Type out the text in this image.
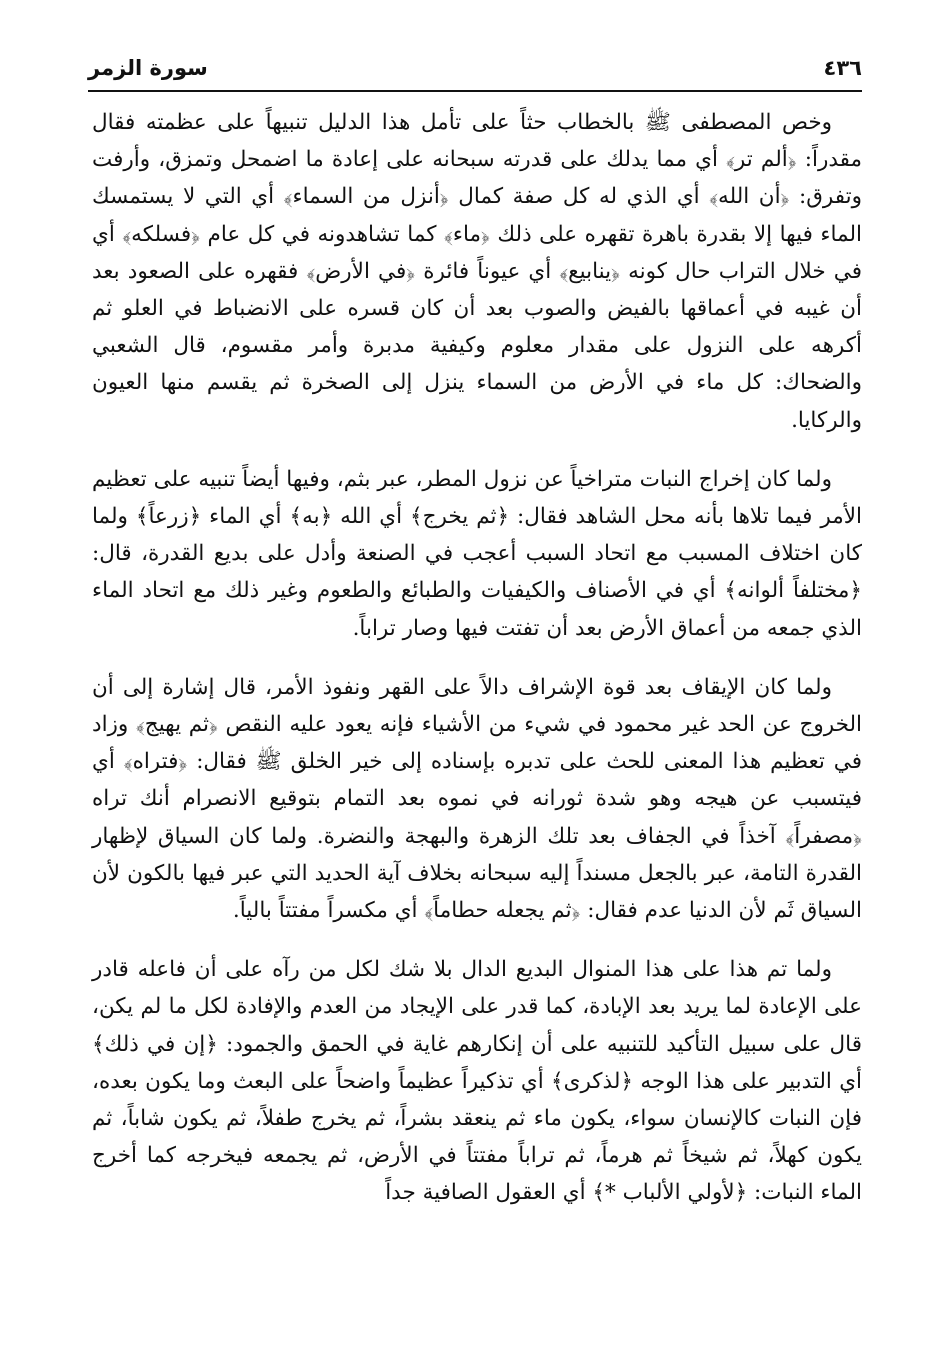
٤٣٦
سورة الزمر

وخص المصطفى ﷺ بالخطاب حثاً على تأمل هذا الدليل تنبيهاً على عظمته فقال مقدراً: ﴿ألم تر﴾ أي مما يدلك على قدرته سبحانه على إعادة ما اضمحل وتمزق، وأرفت وتفرق: ﴿أن الله﴾ أي الذي له كل صفة كمال ﴿أنزل من السماء﴾ أي التي لا يستمسك الماء فيها إلا بقدرة باهرة تقهره على ذلك ﴿ماء﴾ كما تشاهدونه في كل عام ﴿فسلكه﴾ أي في خلال التراب حال كونه ﴿ينابيع﴾ أي عيوناً فائرة ﴿في الأرض﴾ فقهره على الصعود بعد أن غيبه في أعماقها بالفيض والصوب بعد أن كان قسره على الانضباط في العلو ثم أكرهه على النزول على مقدار معلوم وكيفية مدبرة وأمر مقسوم، قال الشعبي والضحاك: كل ماء في الأرض من السماء ينزل إلى الصخرة ثم يقسم منها العيون والركايا.

ولما كان إخراج النبات متراخياً عن نزول المطر، عبر بثم، وفيها أيضاً تنبيه على تعظيم الأمر فيما تلاها بأنه محل الشاهد فقال: ﴿ثم يخرج﴾ أي الله ﴿به﴾ أي الماء ﴿زرعاً﴾ ولما كان اختلاف المسبب مع اتحاد السبب أعجب في الصنعة وأدل على بديع القدرة، قال: ﴿مختلفاً ألوانه﴾ أي في الأصناف والكيفيات والطبائع والطعوم وغير ذلك مع اتحاد الماء الذي جمعه من أعماق الأرض بعد أن تفتت فيها وصار تراباً.

ولما كان الإيقاف بعد قوة الإشراف دالاً على القهر ونفوذ الأمر، قال إشارة إلى أن الخروج عن الحد غير محمود في شيء من الأشياء فإنه يعود عليه النقص ﴿ثم يهيج﴾ وزاد في تعظيم هذا المعنى للحث على تدبره بإسناده إلى خير الخلق ﷺ فقال: ﴿فتراه﴾ أي فيتسبب عن هيجه وهو شدة ثورانه في نموه بعد التمام بتوقيع الانصرام أنك تراه ﴿مصفراً﴾ آخذاً في الجفاف بعد تلك الزهرة والبهجة والنضرة. ولما كان السياق لإظهار القدرة التامة، عبر بالجعل مسنداً إليه سبحانه بخلاف آية الحديد التي عبر فيها بالكون لأن السياق ثَم لأن الدنيا عدم فقال: ﴿ثم يجعله حطاماً﴾ أي مكسراً مفتتاً بالياً.

ولما تم هذا على هذا المنوال البديع الدال بلا شك لكل من رآه على أن فاعله قادر على الإعادة لما يريد بعد الإبادة، كما قدر على الإيجاد من العدم والإفادة لكل ما لم يكن، قال على سبيل التأكيد للتنبيه على أن إنكارهم غاية في الحمق والجمود: ﴿إن في ذلك﴾ أي التدبير على هذا الوجه ﴿لذكرى﴾ أي تذكيراً عظيماً واضحاً على البعث وما يكون بعده، فإن النبات كالإنسان سواء، يكون ماء ثم ينعقد بشراً، ثم يخرج طفلاً، ثم يكون شاباً، ثم يكون كهلاً، ثم شيخاً ثم هرماً، ثم تراباً مفتتاً في الأرض، ثم يجمعه فيخرجه كما أخرج الماء النبات: ﴿لأولي الألباب *﴾ أي العقول الصافية جداً
